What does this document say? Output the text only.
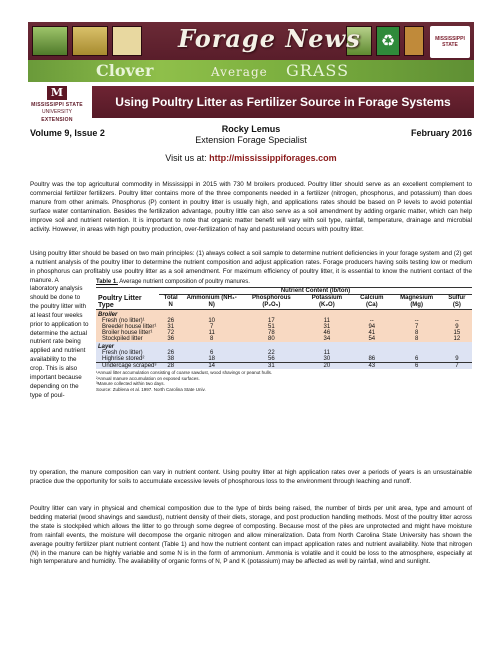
♻
Forage News	MISSISSIPPI STATE
Clover	Average GRASS
M
MISSISSIPPI STATE
UNIVERSITY
EXTENSION
Using Poultry Litter as Fertilizer Source in Forage Systems
Volume 9, Issue 2	Rocky Lemus
Extension Forage Specialist
February 2016
Visit us at: http://mississippiforages.com
Poultry was the top agricultural commodity in Mississippi in 2015 with 730 M broilers produced. Poultry litter should serve as an excellent complement to commercial fertilizer fertilizers. Poultry litter contains more of the three components needed in a fertilizer (nitrogen, phosphorus, and potassium) than does manure from other animals. Phosphorus (P) content in poultry litter is usually high, and applications rates should be based on P levels to avoid potential surface water contamination. Besides the fertilization advantage, poultry little can also serve as a soil amendment by adding organic matter, which can help improve soil and nutrient retention. It is important to note that organic matter benefit will vary with soil type, rainfall, temperature, drainage and microbial activity. However, in areas with high poultry production, over-fertilization of hay and pastureland occurs with poultry litter.
Using poultry litter should be based on two main principles: (1) always collect a soil sample to determine nutrient deficiencies in your forage system and (2) get a nutrient analysis of the poultry litter to determine the nutrient composition and adjust application rates. Forage producers having soils testing low or medium in phosphorus can profitably use poultry litter as a soil amendment. For maximum efficiency of poultry litter, it is essential to know the nutrient contact of the manure. A
laboratory analysis should be done to the poultry litter with at least four weeks prior to application to determine the actual nutrient rate being applied and nutrient availability to the crop. This is also important because depending on the type of poul-
try operation, the manure composition can vary in nutrient content. Using poultry litter at high application rates over a periods of years is an unsustainable practice due the opportunity for soils to accumulate excessive levels of phosphorous loss to the environment through leaching and runoff.
Poultry litter can vary in physical and chemical composition due to the type of birds being raised, the number of birds per unit area, type and amount of bedding material (wood shavings and sawdust), nutrient density of their diets, storage, and post production handling methods. Most of the poultry litter across the state is stockpiled which allows the litter to go through some degree of composting. Because most of the piles are unprotected and might have moisture from rainfall events, the moisture will decompose the organic nitrogen and allow mineralization. Data from North Carolina State University has shown the average poultry fertilizer plant nutrient content (Table 1) and how the nutrient content can impact application rates and nutrient availability. Note that nitrogen (N) in the manure can be highly variable and some N is in the form of ammonium. Ammonia is volatile and it could be loss to the atmosphere, especially at high temperature and humidity. The availability of organic forms of N, P and K (potassium) may be affected as well by rainfall, wind and sunlight.
Table 1. Average nutrient composition of poultry manures.
	Nutrient Content (lb/ton)						
Poultry Litter Type	Total N	Ammonium (NH₄-N)	Phosphorous (P₂O₅)	Potassium (K₂O)	Calcium (Ca)	Magnesium (Mg)	Sulfur (S)
Broiler							
Fresh (no litter)¹	26	10	17	11	--	--	--
Breeder house litter¹	31	7	51	31	94	7	9
Broiler house litter¹	72	11	78	46	41	8	15
Stockpiled litter	36	8	80	34	54	8	12
Layer							
Fresh (no litter)	26	6	22	11			
Highrise stored²	38	18	56	30	86	6	9
Undercage scraped³	28	14	31	20	43	6	7
¹Annual litter accumulation consisting of coarse sawdust, wood shavings or peanut hulls.
²Annual manure accumulation on exposed surfaces.
³Manure collected within two days.
Source: Zublena et al. 1997. North Carolina State Univ.
